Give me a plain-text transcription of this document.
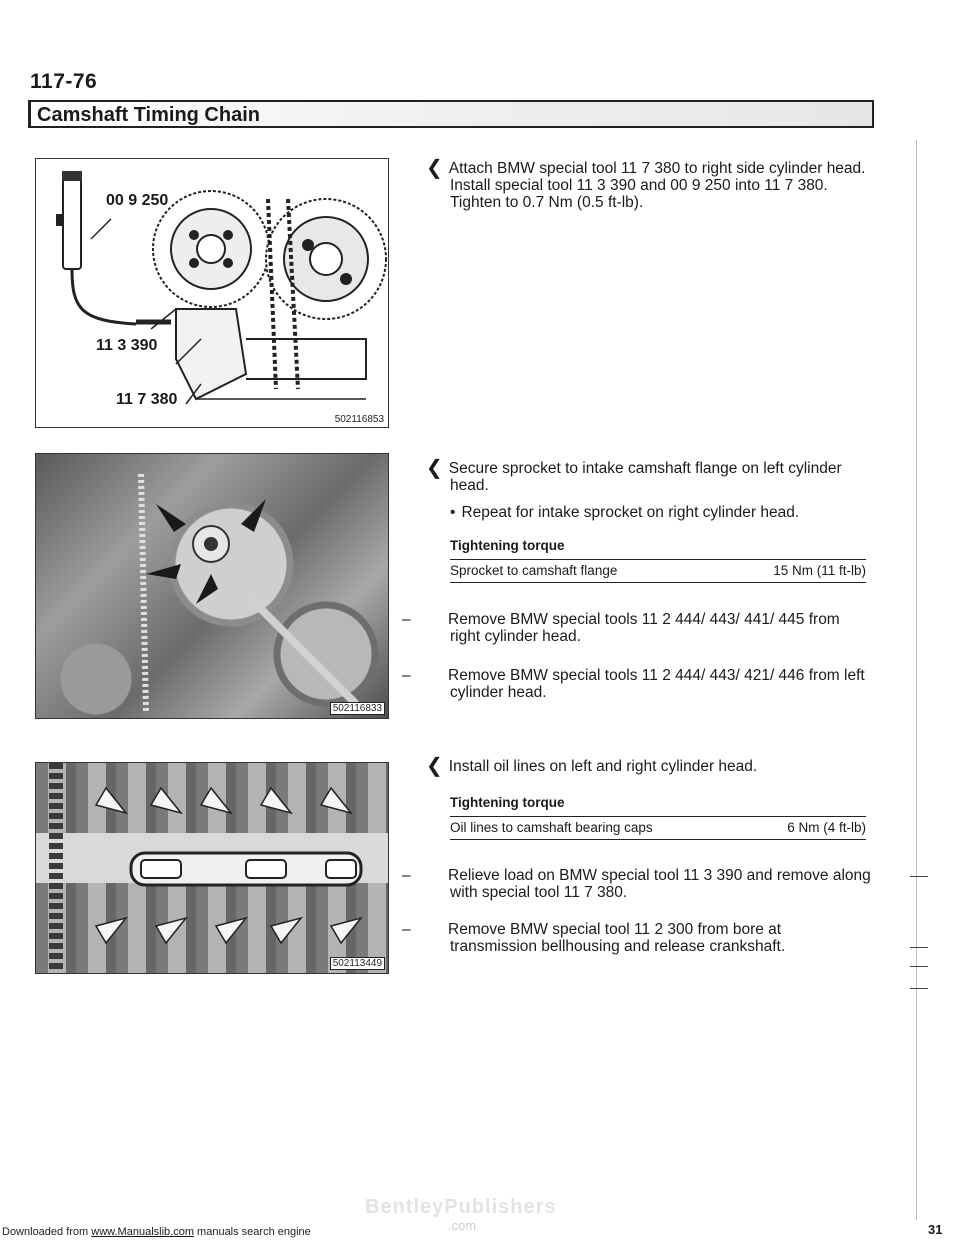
117-76
Camshaft Timing Chain
00 9 250
11 3 390
11 7 380
502116853
502116833
502113449
❮ Attach BMW special tool 11 7 380 to right side cylinder head. Install special tool 11 3 390 and 00 9 250 into 11 7 380. Tighten to 0.7 Nm (0.5 ft-lb).
❮ Secure sprocket to intake camshaft flange on left cylinder head.
• Repeat for intake sprocket on right cylinder head.
Tightening torque
Sprocket to camshaft flange	15 Nm (11 ft-lb)
– Remove BMW special tools 11 2 444/ 443/ 441/ 445 from right cylinder head.
– Remove BMW special tools 11 2 444/ 443/ 421/ 446 from left cylinder head.
❮ Install oil lines on left and right cylinder head.
Tightening torque
Oil lines to camshaft bearing caps	6 Nm (4 ft-lb)
– Relieve load on BMW special tool 11 3 390 and remove along with special tool 11 7 380.
– Remove BMW special tool 11 2 300 from bore at transmission bellhousing and release crankshaft.
BentleyPublishers
.com
Downloaded from www.Manualslib.com manuals search engine	31
